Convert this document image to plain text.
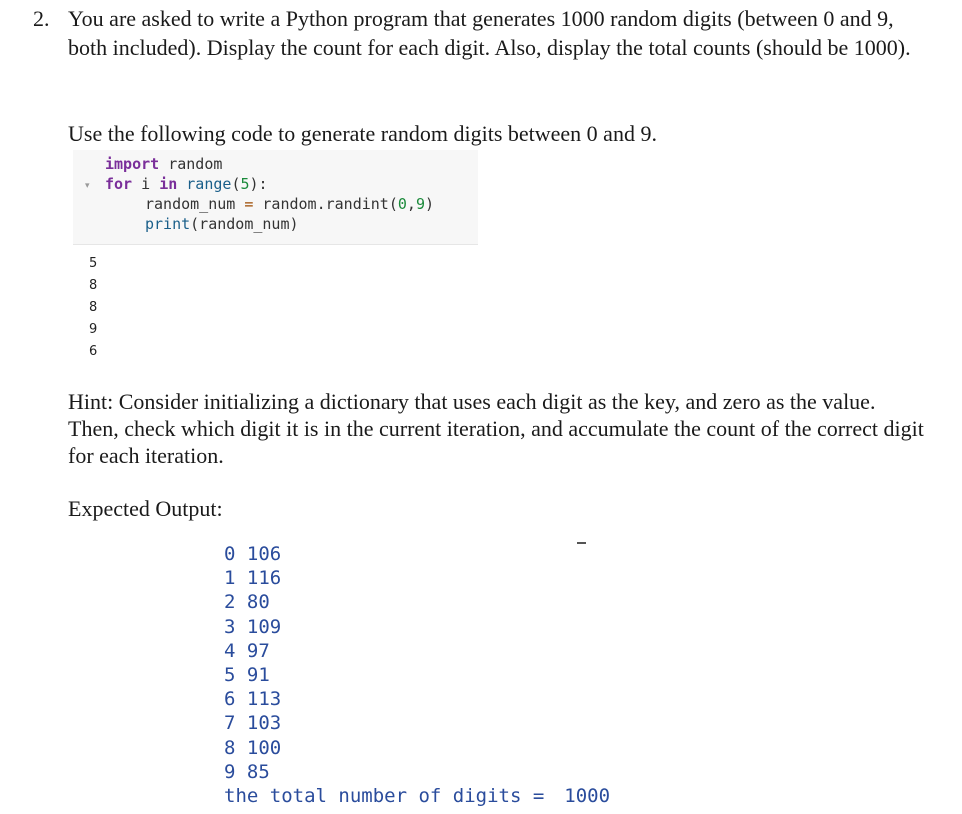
2. You are asked to write a Python program that generates 1000 random digits (between 0 and 9, both included). Display the count for each digit. Also, display the total counts (should be 1000).

Use the following code to generate random digits between 0 and 9.

▾
import random
for i in range(5):
random_num = random.randint(0,9)
print(random_num)
5
8
8
9
6

Hint: Consider initializing a dictionary that uses each digit as the key, and zero as the value. Then, check which digit it is in the current iteration, and accumulate the count of the correct digit for each iteration.

Expected Output:

0 106
1 116
2 80
3 109
4 97
5 91
6 113
7 103
8 100
9 85
the total number of digits = 1000
